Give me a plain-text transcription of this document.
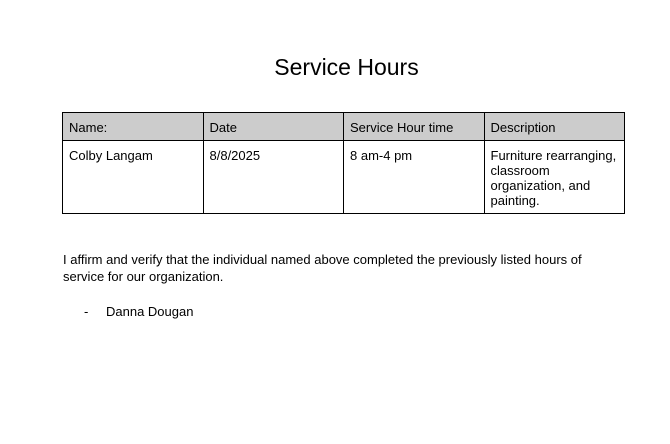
Service Hours
Name:	Date	Service Hour time	Description
Colby Langam	8/8/2025	8 am-4 pm	Furniture rearranging, classroom organization, and painting.

I affirm and verify that the individual named above completed the previously listed hours of service for our organization.

-	Danna Dougan
